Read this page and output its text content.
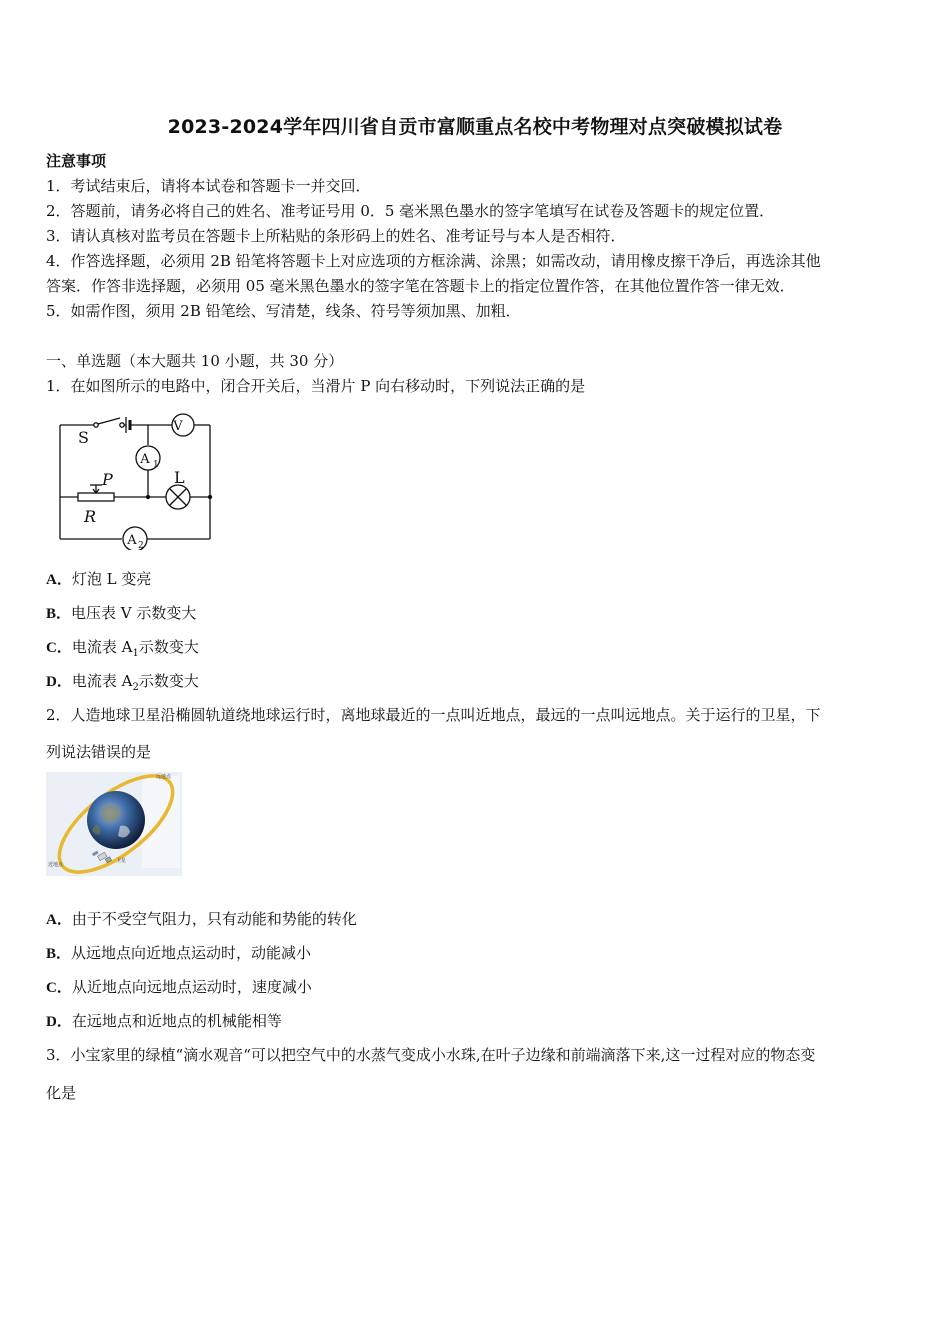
2023-2024学年四川省自贡市富顺重点名校中考物理对点突破模拟试卷
注意事项
1．考试结束后，请将本试卷和答题卡一并交回．
2．答题前，请务必将自己的姓名、准考证号用 0．5 毫米黑色墨水的签字笔填写在试卷及答题卡的规定位置．
3．请认真核对监考员在答题卡上所粘贴的条形码上的姓名、准考证号与本人是否相符．
4．作答选择题，必须用 2B 铅笔将答题卡上对应选项的方框涂满、涂黑；如需改动，请用橡皮擦干净后，再选涂其他
答案．作答非选择题，必须用 05 毫米黑色墨水的签字笔在答题卡上的指定位置作答，在其他位置作答一律无效．
5．如需作图，须用 2B 铅笔绘、写清楚，线条、符号等须加黑、加粗．
一、单选题（本大题共 10 小题，共 30 分）
1．在如图所示的电路中，闭合开关后，当滑片 P 向右移动时，下列说法正确的是
S
V
A 1
L
P
R
A 2
A．灯泡 L 变亮
B．电压表 V 示数变大
C．电流表 $A_1$示数变大
D．电流表 $A_2$示数变大
2．人造地球卫星沿椭圆轨道绕地球运行时，离地球最近的一点叫近地点，最远的一点叫远地点。关于运行的卫星，下
列说法错误的是
远地点
近地点
卫星
A．由于不受空气阻力，只有动能和势能的转化
B．从远地点向近地点运动时，动能减小
C．从近地点向远地点运动时，速度减小
D．在远地点和近地点的机械能相等
3．小宝家里的绿植“滴水观音“可以把空气中的水蒸气变成小水珠,在叶子边缘和前端滴落下来,这一过程对应的物态变
化是
